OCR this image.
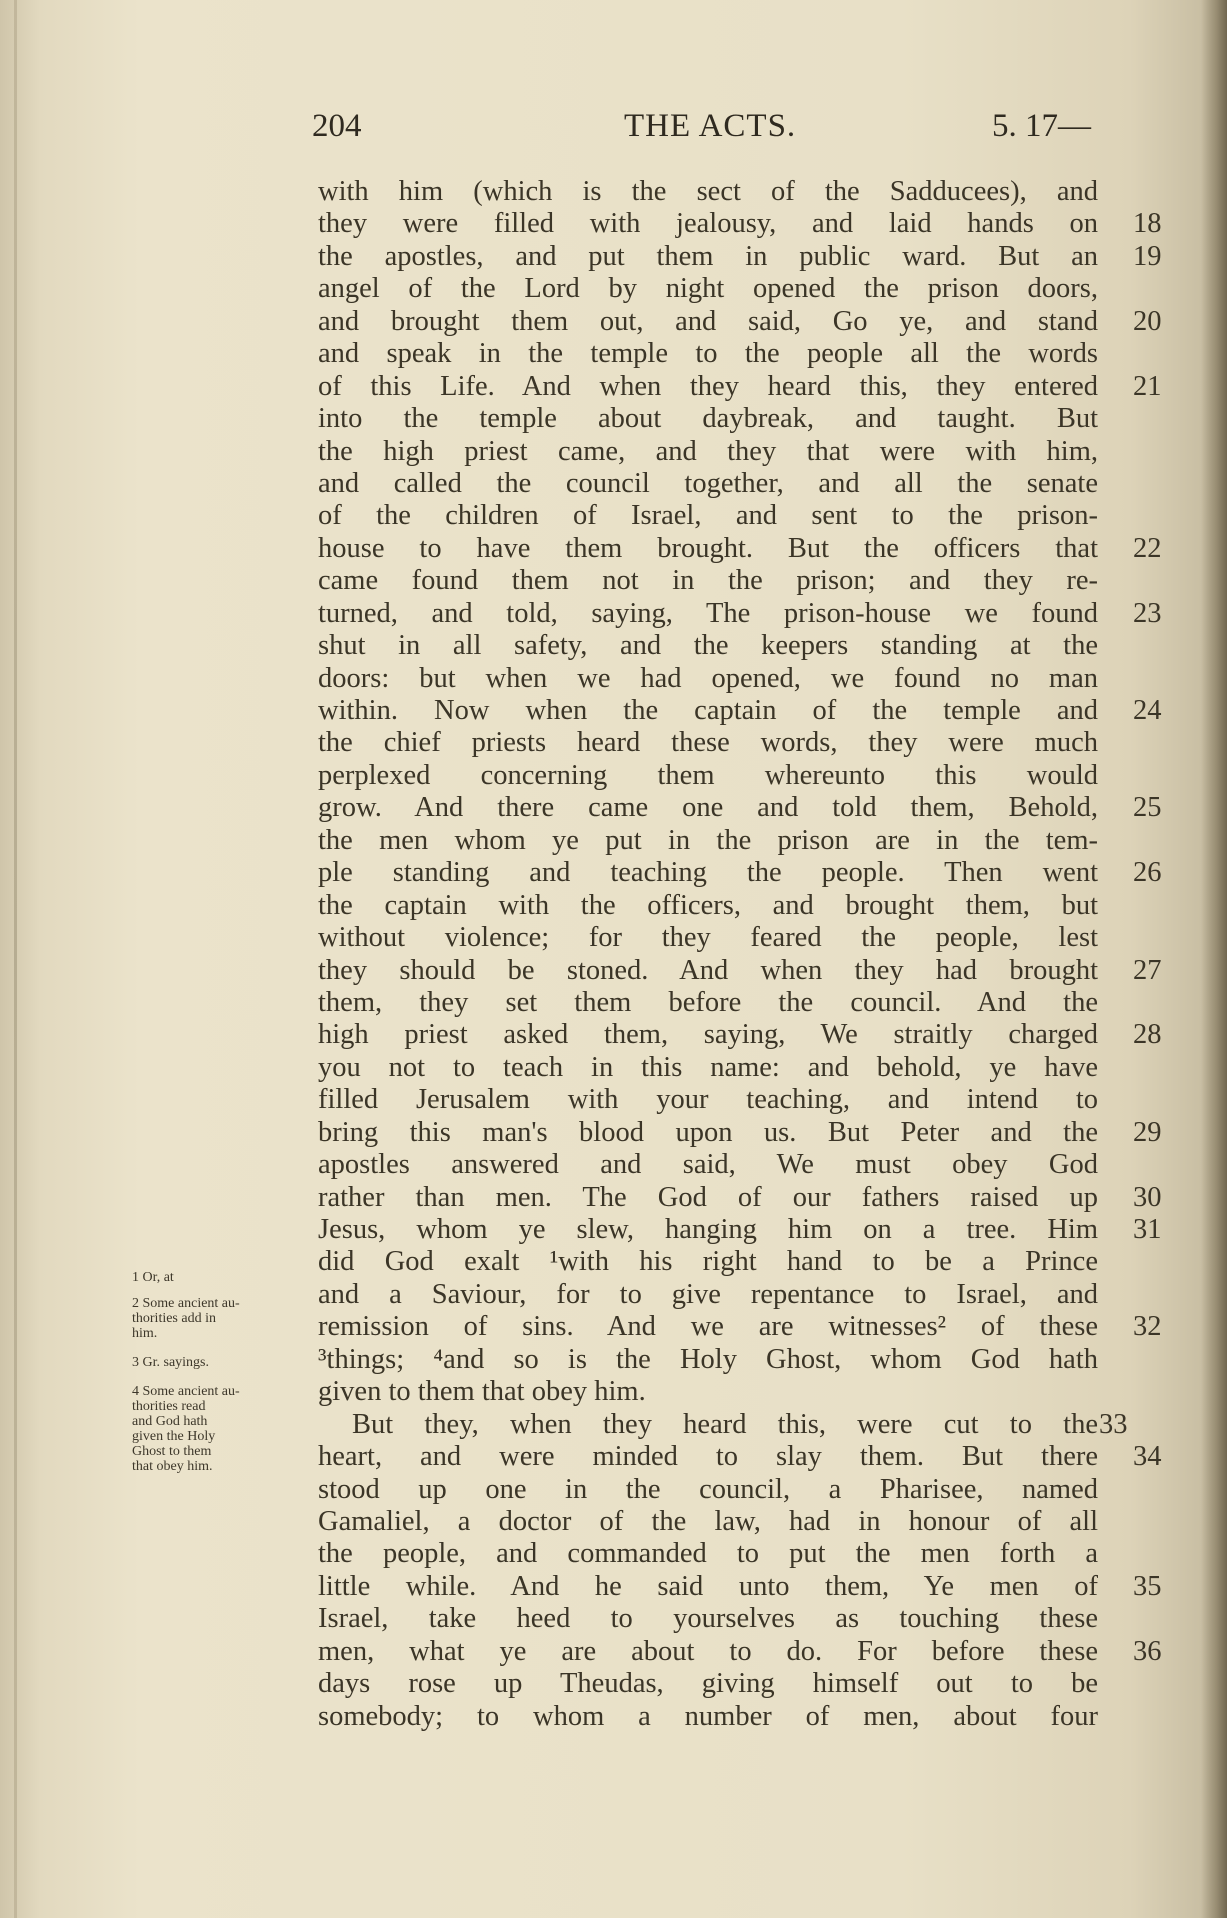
204	THE ACTS.	5. 17—
with him (which is the sect of the Sadducees), and
they were filled with jealousy, and laid hands on 18
the apostles, and put them in public ward. But an 19
angel of the Lord by night opened the prison doors,
and brought them out, and said, Go ye, and stand 20
and speak in the temple to the people all the words
of this Life. And when they heard this, they entered 21
into the temple about daybreak, and taught. But
the high priest came, and they that were with him,
and called the council together, and all the senate
of the children of Israel, and sent to the prison-
house to have them brought. But the officers that 22
came found them not in the prison; and they re-
turned, and told, saying, The prison-house we found 23
shut in all safety, and the keepers standing at the
doors: but when we had opened, we found no man
within. Now when the captain of the temple and 24
the chief priests heard these words, they were much
perplexed concerning them whereunto this would
grow. And there came one and told them, Behold, 25
the men whom ye put in the prison are in the tem-
ple standing and teaching the people. Then went 26
the captain with the officers, and brought them, but
without violence; for they feared the people, lest
they should be stoned. And when they had brought 27
them, they set them before the council. And the
high priest asked them, saying, We straitly charged 28
you not to teach in this name: and behold, ye have
filled Jerusalem with your teaching, and intend to
bring this man's blood upon us. But Peter and the 29
apostles answered and said, We must obey God
rather than men. The God of our fathers raised up 30
Jesus, whom ye slew, hanging him on a tree. Him 31
did God exalt ¹with his right hand to be a Prince
and a Saviour, for to give repentance to Israel, and
remission of sins. And we are witnesses² of these 32
³things; ⁴and so is the Holy Ghost, whom God hath
given to them that obey him.
But they, when they heard this, were cut to the 33
heart, and were minded to slay them. But there 34
stood up one in the council, a Pharisee, named
Gamaliel, a doctor of the law, had in honour of all
the people, and commanded to put the men forth a
little while. And he said unto them, Ye men of 35
Israel, take heed to yourselves as touching these
men, what ye are about to do. For before these 36
days rose up Theudas, giving himself out to be
somebody; to whom a number of men, about four
1 Or, at
2 Some ancient au-
thorities add in
him.
3 Gr. sayings.
4 Some ancient au-
thorities read
and God hath
given the Holy
Ghost to them
that obey him.
